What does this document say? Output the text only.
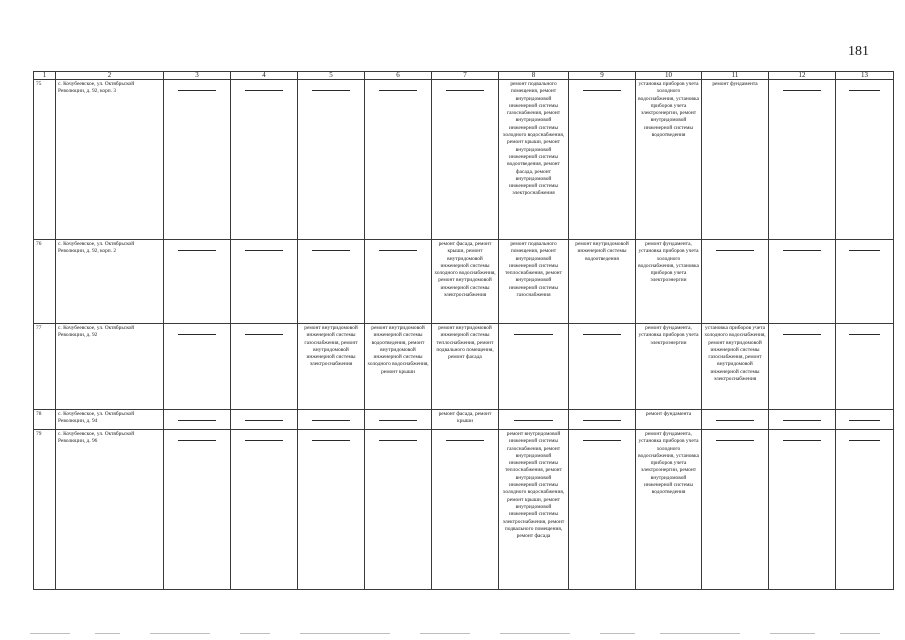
181
1	2	3	4	5	6	7	8	9	10	11	12	13
75	с. Кочубеевское, ул. Октябрьской Революции, д. 92, корп. 3						ремонт подвального помещения, ремонт внутридомовой инженерной системы газоснабжения, ремонт внутридомовой инженерной системы холодного водоснабжения, ремонт крыши, ремонт внутридомовой инженерной системы водоотведения, ремонт фасада, ремонт внутридомовой инженерной системы электроснабжения		установка приборов учета холодного водоснабжения, установка приборов учета электроэнергии, ремонт внутридомовой инженерной системы водоотведения	ремонт фундамента		
76	с. Кочубеевское, ул. Октябрьской Революции, д. 92, корп. 2					ремонт фасада, ремонт крыши, ремонт внутридомовой инженерной системы холодного водоснабжения, ремонт внутридомовой инженерной системы электроснабжения	ремонт подвального помещения, ремонт внутридомовой инженерной системы теплоснабжения, ремонт внутридомовой инженерной системы газоснабжения	ремонт внутридомовой инженерной системы водоотведения	ремонт фундамента, установка приборов учета холодного водоснабжения, установка приборов учета электроэнергии			
77	с. Кочубеевское, ул. Октябрьской Революции, д. 92			ремонт внутридомовой инженерной системы газоснабжения, ремонт внутридомовой инженерной системы электроснабжения	ремонт внутридомовой инженерной системы водоотведения, ремонт внутридомовой инженерной системы холодного водоснабжения, ремонт крыши	ремонт внутридомовой инженерной системы теплоснабжения, ремонт подвального помещения, ремонт фасада			ремонт фундамента, установка приборов учета электроэнергии	установка приборов учета холодного водоснабжения, ремонт внутридомовой инженерной системы газоснабжения, ремонт внутридомовой инженерной системы электроснабжения		
78	с. Кочубеевское, ул. Октябрьской Революции, д. 94					ремонт фасада, ремонт крыши			ремонт фундамента			
79	с. Кочубеевское, ул. Октябрьской Революции, д. 96						ремонт внутридомовой инженерной системы газоснабжения, ремонт внутридомовой инженерной системы теплоснабжения, ремонт внутридомовой инженерной системы холодного водоснабжения, ремонт крыши, ремонт внутридомовой инженерной системы электроснабжения, ремонт подвального помещения, ремонт фасада		ремонт фундамента, установка приборов учета холодного водоснабжения, установка приборов учета электроэнергии, ремонт внутридомовой инженерной системы водоотведения			
